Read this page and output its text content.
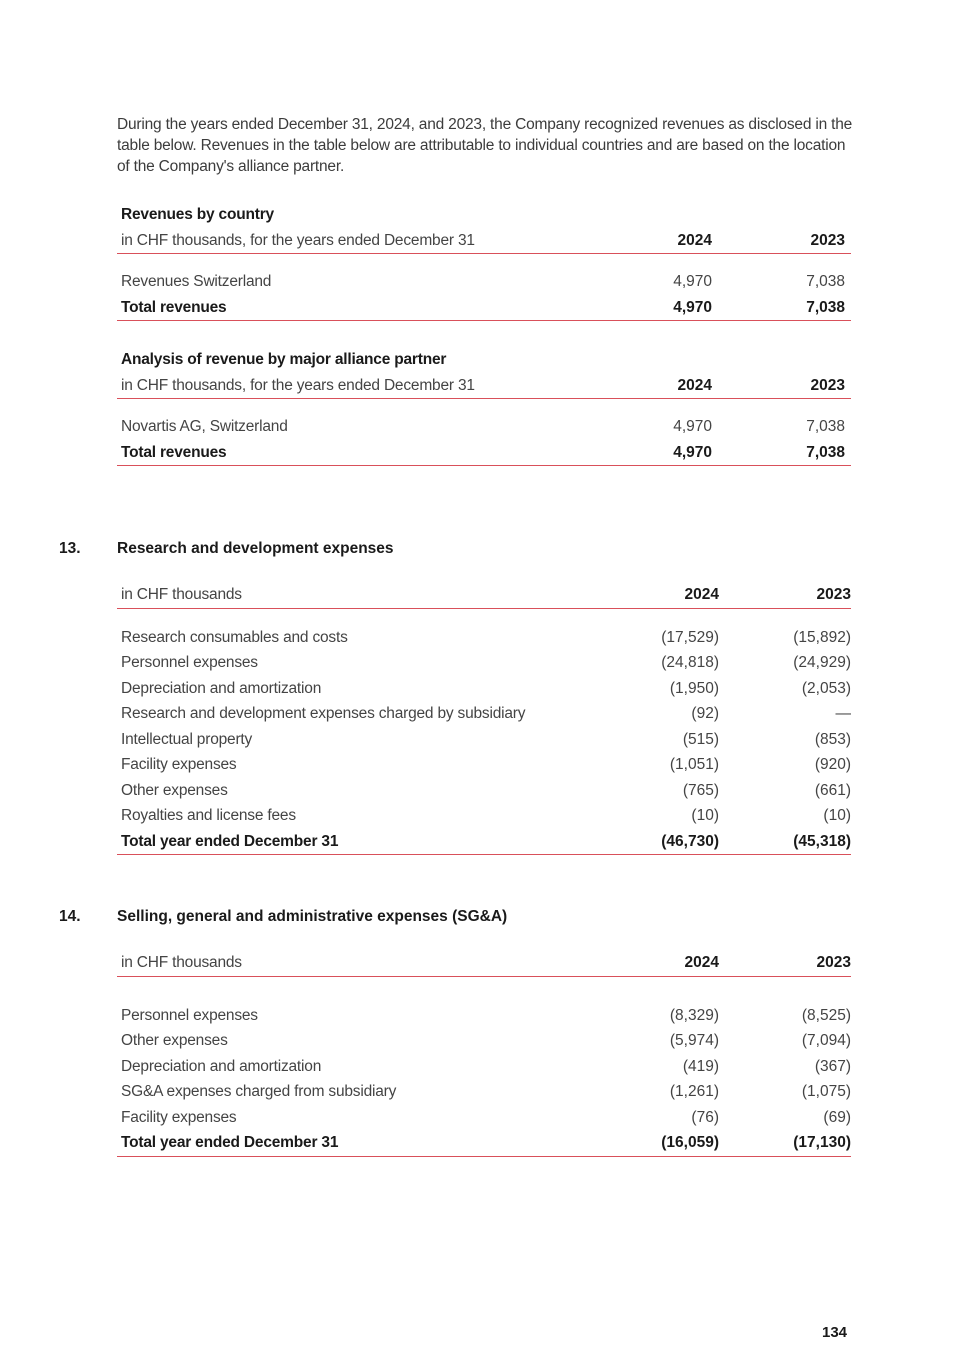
During the years ended December 31, 2024, and 2023, the Company recognized revenues as disclosed in the table below. Revenues in the table below are attributable to individual countries and are based on the location of the Company's alliance partner.
Revenues by country
in CHF thousands, for the years ended December 31	2024	2023
Revenues Switzerland	4,970	7,038
Total revenues	4,970	7,038
Analysis of revenue by major alliance partner
in CHF thousands, for the years ended December 31	2024	2023
Novartis AG, Switzerland	4,970	7,038
Total revenues	4,970	7,038
13. Research and development expenses
in CHF thousands	2024	2023
Research consumables and costs	(17,529)	(15,892)
Personnel expenses	(24,818)	(24,929)
Depreciation and amortization	(1,950)	(2,053)
Research and development expenses charged by subsidiary	(92)	—
Intellectual property	(515)	(853)
Facility expenses	(1,051)	(920)
Other expenses	(765)	(661)
Royalties and license fees	(10)	(10)
Total year ended December 31	(46,730)	(45,318)
14. Selling, general and administrative expenses (SG&A)
in CHF thousands	2024	2023
Personnel expenses	(8,329)	(8,525)
Other expenses	(5,974)	(7,094)
Depreciation and amortization	(419)	(367)
SG&A expenses charged from subsidiary	(1,261)	(1,075)
Facility expenses	(76)	(69)
Total year ended December 31	(16,059)	(17,130)
134
